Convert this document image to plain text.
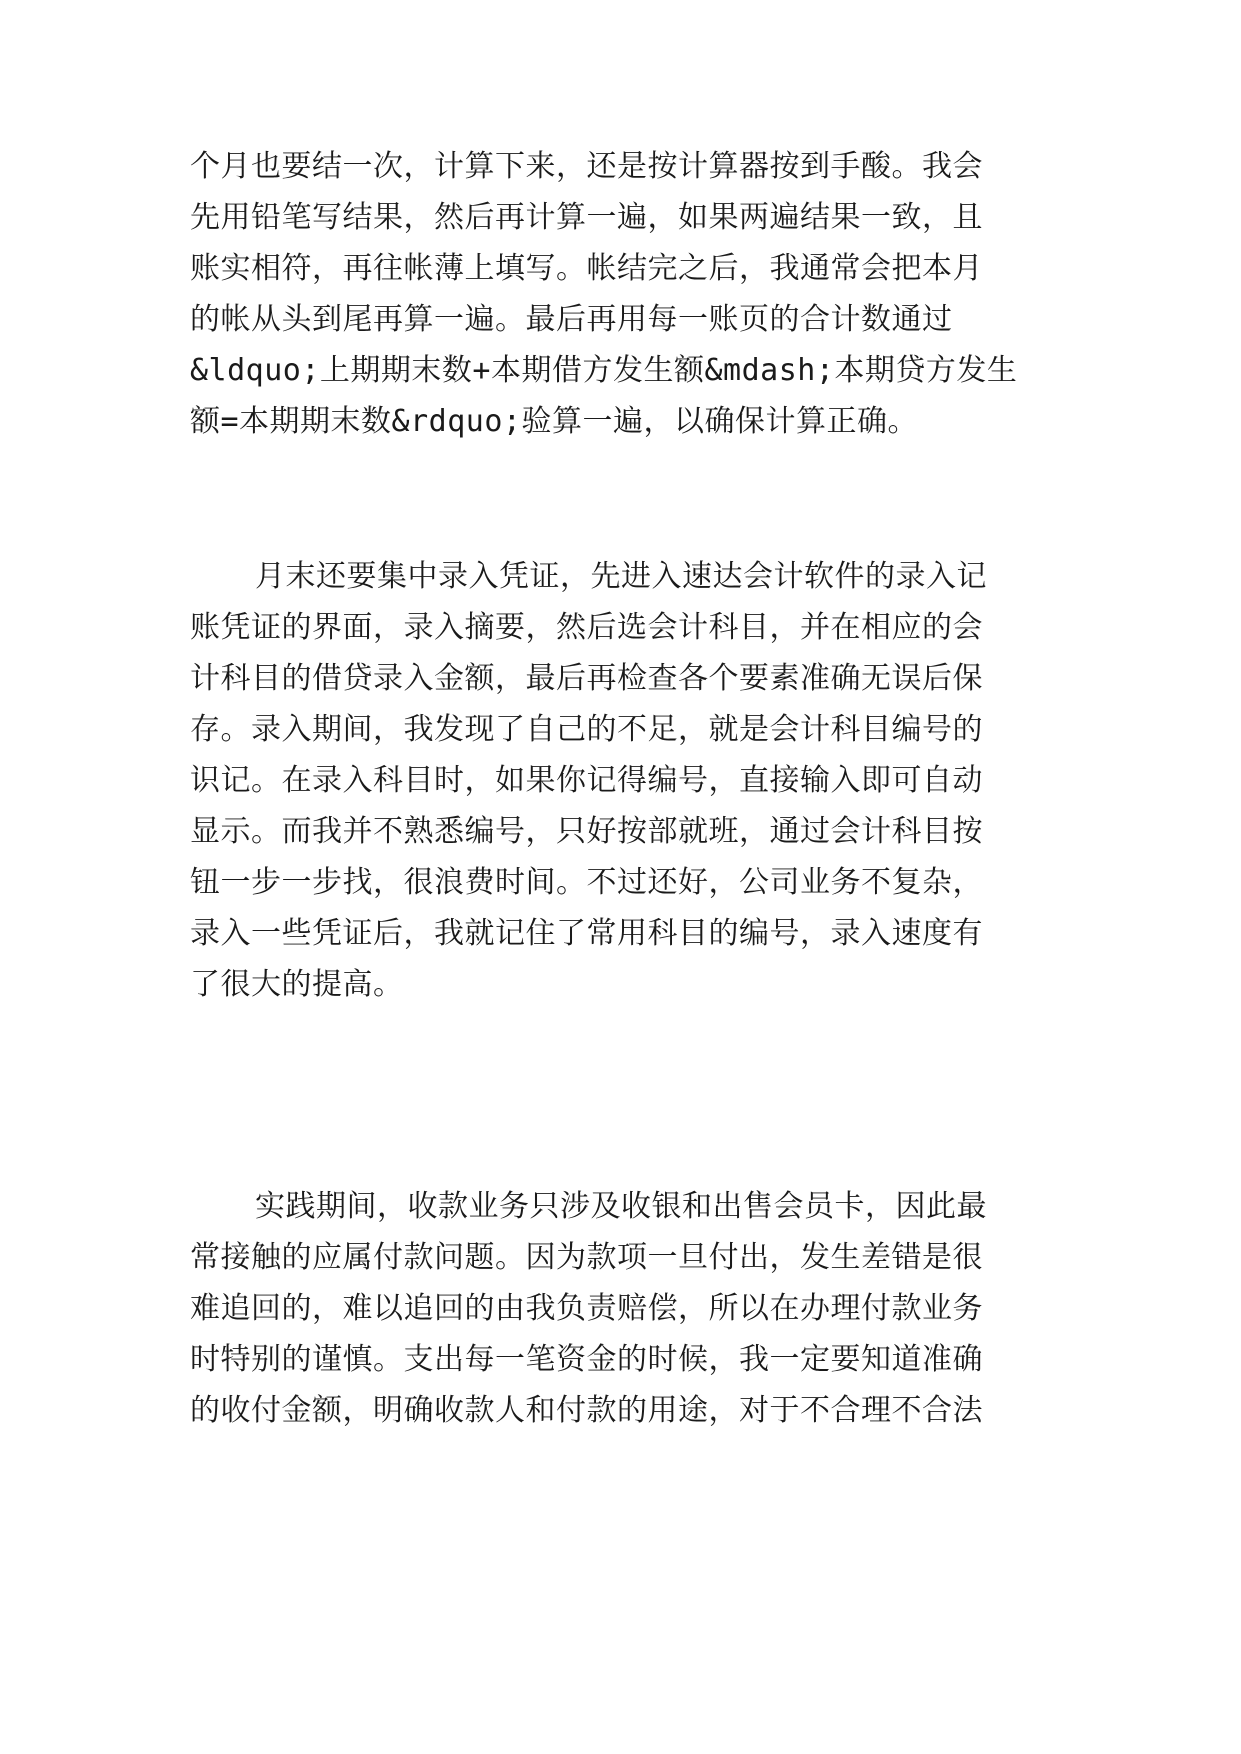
个月也要结一次，计算下来，还是按计算器按到手酸。我会

先用铅笔写结果，然后再计算一遍，如果两遍结果一致，且

账实相符，再往帐薄上填写。帐结完之后，我通常会把本月

的帐从头到尾再算一遍。最后再用每一账页的合计数通过

&ldquo;上期期末数+本期借方发生额&mdash;本期贷方发生

额=本期期末数&rdquo;验算一遍，以确保计算正确。

月末还要集中录入凭证，先进入速达会计软件的录入记

账凭证的界面，录入摘要，然后选会计科目，并在相应的会

计科目的借贷录入金额，最后再检查各个要素准确无误后保

存。录入期间，我发现了自己的不足，就是会计科目编号的

识记。在录入科目时，如果你记得编号，直接输入即可自动

显示。而我并不熟悉编号，只好按部就班，通过会计科目按

钮一步一步找，很浪费时间。不过还好，公司业务不复杂，

录入一些凭证后，我就记住了常用科目的编号，录入速度有

了很大的提高。

实践期间，收款业务只涉及收银和出售会员卡，因此最

常接触的应属付款问题。因为款项一旦付出，发生差错是很

难追回的，难以追回的由我负责赔偿，所以在办理付款业务

时特别的谨慎。支出每一笔资金的时候，我一定要知道准确

的收付金额，明确收款人和付款的用途，对于不合理不合法
